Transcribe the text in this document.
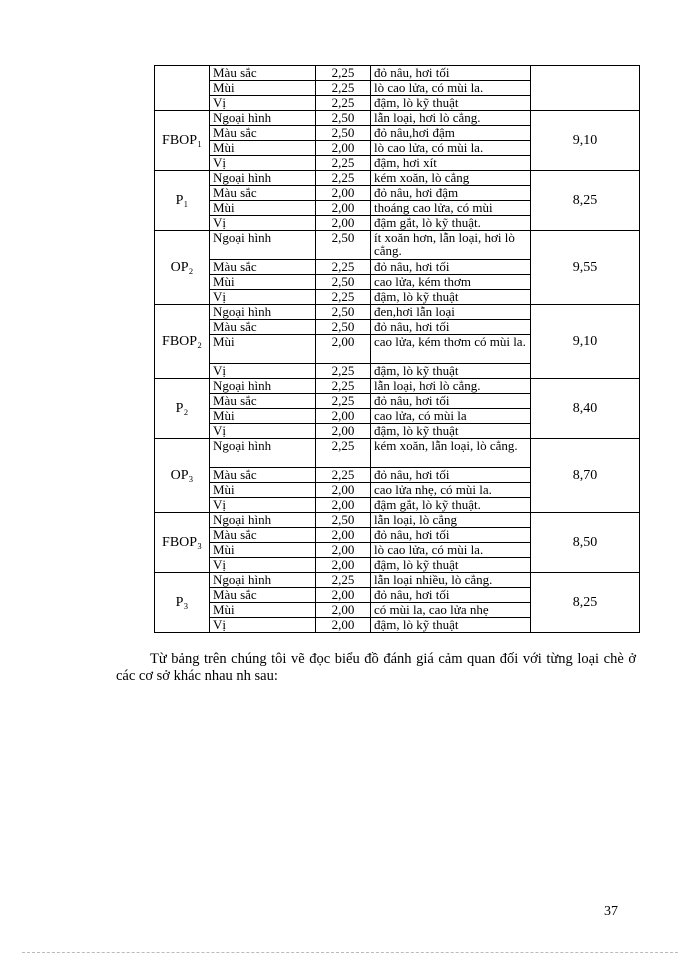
	Màu sắc	2,25	đỏ nâu, hơi tối	
	Mùi	2,25	lò cao lửa, có mùi la.	
	Vị	2,25	đậm, lò kỹ thuật	
FBOP₁	Ngoại hình	2,50	lẫn loại, hơi lò cẳng.	9,10
	Màu sắc	2,50	đỏ nâu,hơi đậm	
	Mùi	2,00	lò cao lửa, có mùi la.	
	Vị	2,25	đậm, hơi xít	
P₁	Ngoại hình	2,25	kém xoăn, lò cẳng	8,25
	Màu sắc	2,00	đỏ nâu, hơi đậm	
	Mùi	2,00	thoáng cao lửa, có mùi	
	Vị	2,00	đậm gắt, lò kỹ thuật.	
OP₂	Ngoại hình	2,50	ít xoăn hơn, lẫn loại, hơi lò cẳng.	9,55
	Màu sắc	2,25	đỏ nâu, hơi tối	
	Mùi	2,50	cao lửa, kém thơm	
	Vị	2,25	đậm, lò kỹ thuật	
FBOP₂	Ngoại hình	2,50	đen,hơi lẫn loại	9,10
	Màu sắc	2,50	đỏ nâu, hơi tối	
	Mùi	2,00	cao lửa, kém thơm có mùi la.	
	Vị	2,25	đậm, lò kỹ thuật	
P₂	Ngoại hình	2,25	lẫn loại, hơi lò cẳng.	8,40
	Màu sắc	2,25	đỏ nâu, hơi tối	
	Mùi	2,00	cao lửa, có mùi la	
	Vị	2,00	đậm, lò kỹ thuật	
OP₃	Ngoại hình	2,25	kém xoăn, lẫn loại, lò cẳng.	8,70
	Màu sắc	2,25	đỏ nâu, hơi tối	
	Mùi	2,00	cao lửa nhẹ, có mùi la.	
	Vị	2,00	đậm gắt, lò kỹ thuật.	
FBOP₃	Ngoại hình	2,50	lẫn loại, lò cẳng	8,50
	Màu sắc	2,00	đỏ nâu, hơi tối	
	Mùi	2,00	lò cao lửa, có mùi la.	
	Vị	2,00	đậm, lò kỹ thuật	
P₃	Ngoại hình	2,25	lẫn loại nhiều, lò cẳng.	8,25
	Màu sắc	2,00	đỏ nâu, hơi tối	
	Mùi	2,00	có mùi la, cao lửa nhẹ	
	Vị	2,00	đậm, lò kỹ thuật	
Từ bảng trên chúng tôi vẽ đọc biểu đồ đánh giá cảm quan đối với từng loại chè ở các cơ sở khác nhau nh sau:
37
